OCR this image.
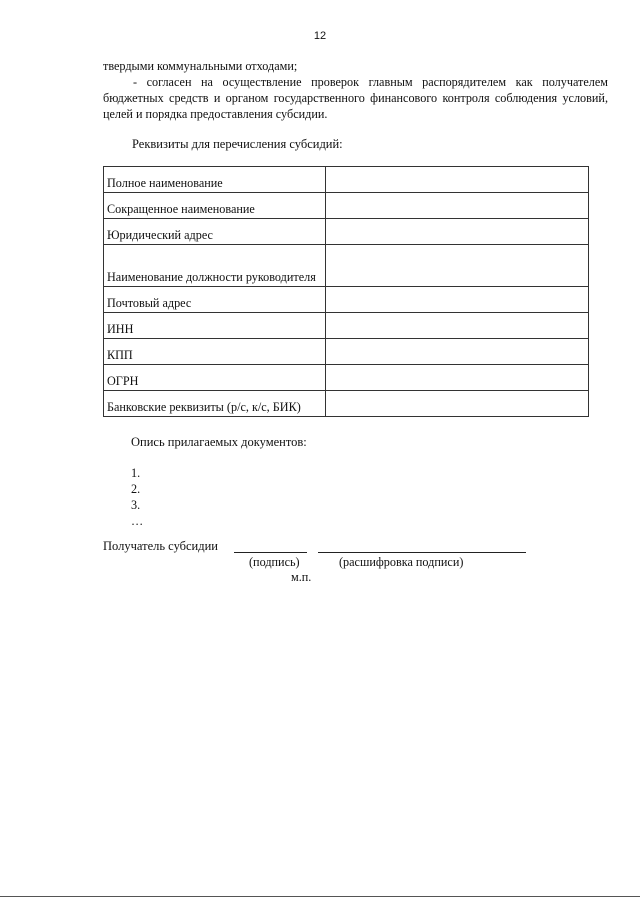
12

твердыми коммунальными отходами;

- согласен на осуществление проверок главным распорядителем как получателем бюджетных средств и органом государственного финансового контроля соблюдения условий, целей и порядка предоставления субсидии.

Реквизиты для перечисления субсидий:

Полное наименование	
Сокращенное наименование	
Юридический адрес	
Наименование должности руководителя	
Почтовый адрес	
ИНН	
КПП	
ОГРН	
Банковские реквизиты (р/с, к/с, БИК)	

Опись прилагаемых документов:

1.
2.
3.
…
Получатель субсидии
(подпись)	(расшифровка подписи)
м.п.
